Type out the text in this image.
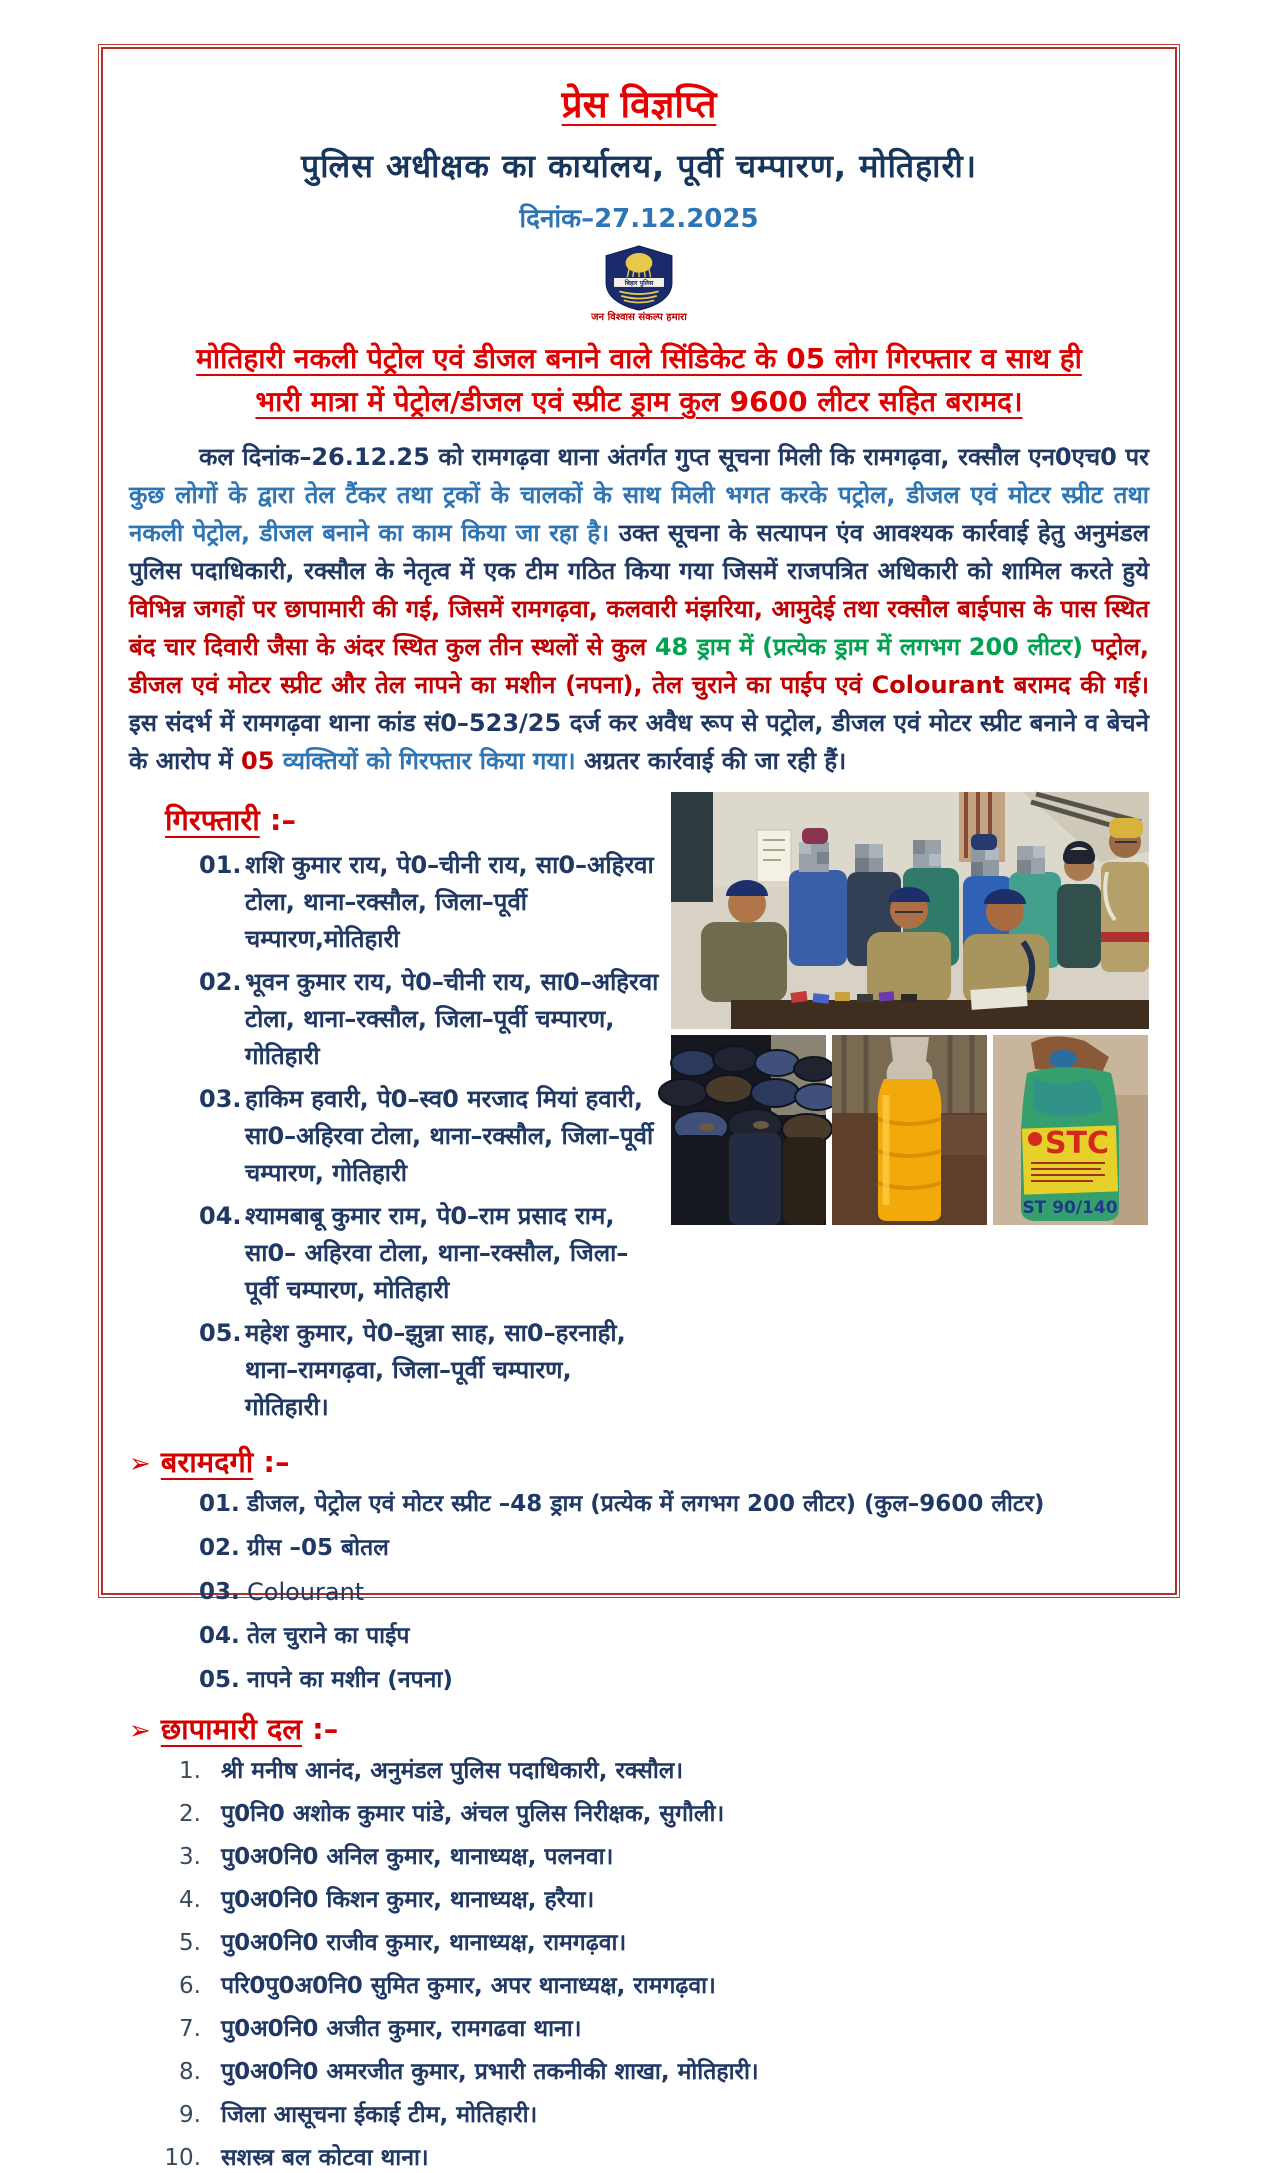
प्रेस विज्ञप्ति
पुलिस अधीक्षक का कार्यालय, पूर्वी चम्पारण, मोतिहारी।
दिनांक–27.12.2025
बिहार पुलिस
जन विश्वास संकल्प हमारा
मोतिहारी नकली पेट्रोल एवं डीजल बनाने वाले सिंडिकेट के 05 लोग गिरफ्तार व साथ ही
भारी मात्रा में पेट्रोल/डीजल एवं स्प्रीट ड्राम कुल 9600 लीटर सहित बरामद।

कल दिनांक–26.12.25 को रामगढ़वा थाना अंतर्गत गुप्त सूचना मिली कि रामगढ़वा, रक्सौल एन0एच0 पर कुछ लोगों के द्वारा तेल टैंकर तथा ट्रकों के चालकों के साथ मिली भगत करके पट्रोल, डीजल एवं मोटर स्प्रीट तथा नकली पेट्रोल, डीजल बनाने का काम किया जा रहा है। उक्त सूचना के सत्यापन एंव आवश्यक कार्रवाई हेतु अनुमंडल पुलिस पदाधिकारी, रक्सौल के नेतृत्व में एक टीम गठित किया गया जिसमें राजपत्रित अधिकारी को शामिल करते हुये विभिन्न जगहों पर छापामारी की गई, जिसमें रामगढ़वा, कलवारी मंझरिया, आमुदेई तथा रक्सौल बाईपास के पास स्थित बंद चार दिवारी जैसा के अंदर स्थित कुल तीन स्थलों से कुल 48 ड्राम में (प्रत्येक ड्राम में लगभग 200 लीटर) पट्रोल, डीजल एवं मोटर स्प्रीट और तेल नापने का मशीन (नपना), तेल चुराने का पाईप एवं Colourant बरामद की गई। इस संदर्भ में रामगढ़वा थाना कांड सं0–523/25 दर्ज कर अवैध रूप से पट्रोल, डीजल एवं मोटर स्प्रीट बनाने व बेचने के आरोप में 05 व्यक्तियों को गिरफ्तार किया गया। अग्रतर कार्रवाई की जा रही हैं।

गिरफ्तारी :–
01. शशि कुमार राय, पे0–चीनी राय, सा0–अहिरवा टोला, थाना–रक्सौल, जिला–पूर्वी चम्पारण,मोतिहारी
02. भूवन कुमार राय, पे0–चीनी राय, सा0–अहिरवा टोला, थाना–रक्सौल, जिला–पूर्वी चम्पारण, गोतिहारी
03. हाकिम हवारी, पे0–स्व0 मरजाद मियां हवारी, सा0–अहिरवा टोला, थाना–रक्सौल, जिला–पूर्वी चम्पारण, गोतिहारी
04. श्यामबाबू कुमार राम, पे0–राम प्रसाद राम, सा0– अहिरवा टोला, थाना–रक्सौल, जिला–पूर्वी चम्पारण, मोतिहारी
05. महेश कुमार, पे0–झुन्ना साह, सा0–हरनाही, थाना–रामगढ़वा, जिला–पूर्वी चम्पारण, गोतिहारी।
STC
ST 90/140
➢ बरामदगी :–
01. डीजल, पेट्रोल एवं मोटर स्प्रीट –48 ड्राम (प्रत्येक में लगभग 200 लीटर) (कुल–9600 लीटर)
02. ग्रीस –05 बोतल
03. Colourant
04. तेल चुराने का पाईप
05. नापने का मशीन (नपना)
➢ छापामारी दल :–
1. श्री मनीष आनंद, अनुमंडल पुलिस पदाधिकारी, रक्सौल।
2. पु0नि0 अशोक कुमार पांडे, अंचल पुलिस निरीक्षक, सुगौली।
3. पु0अ0नि0 अनिल कुमार, थानाध्यक्ष, पलनवा।
4. पु0अ0नि0 किशन कुमार, थानाध्यक्ष, हरैया।
5. पु0अ0नि0 राजीव कुमार, थानाध्यक्ष, रामगढ़वा।
6. परि0पु0अ0नि0 सुमित कुमार, अपर थानाध्यक्ष, रामगढ़वा।
7. पु0अ0नि0 अजीत कुमार, रामगढवा थाना।
8. पु0अ0नि0 अमरजीत कुमार, प्रभारी तकनीकी शाखा, मोतिहारी।
9. जिला आसूचना ईकाई टीम, मोतिहारी।
10. सशस्त्र बल कोटवा थाना।
